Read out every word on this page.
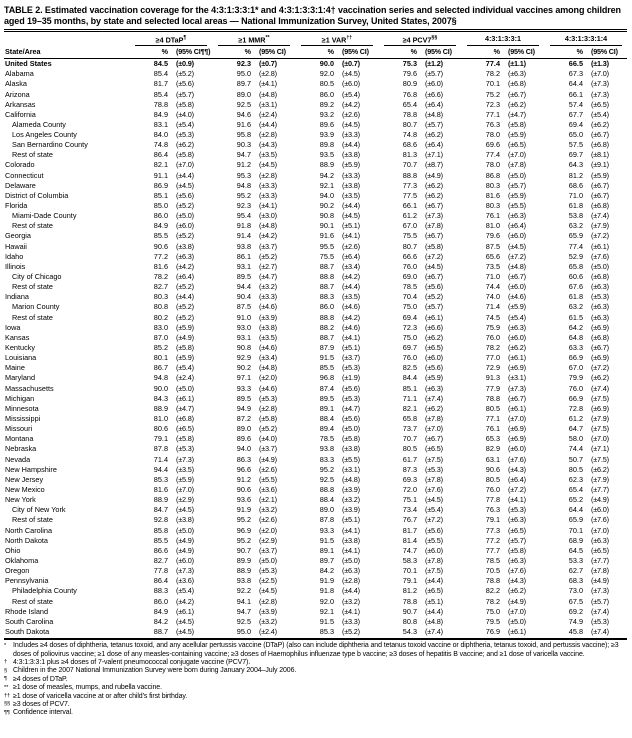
TABLE 2. Estimated vaccination coverage for the 4:3:1:3:3:1* and 4:3:1:3:3:1:4† vaccination series and selected individual vaccines among children aged 19–35 months, by state and selected local areas — National Immunization Survey, United States, 2007§
≥4 DTaP¶	≥1 MMR**	≥1 VAR††	≥4 PCV7§§	4:3:1:3:3:1	4:3:1:3:3:1:4
State/Area	%	(95% CI¶¶)	%	(95% CI)	%	(95% CI)	%	(95% CI)	%	(95% CI)	%	(95% CI)
United States	84.5	(±0.9)	92.3	(±0.7)	90.0	(±0.7)	75.3	(±1.2)	77.4	(±1.1)	66.5	(±1.3)
Alabama	85.4	(±5.2)	95.0	(±2.8)	92.0	(±4.5)	79.6	(±5.7)	78.2	(±6.3)	67.3	(±7.0)
Alaska	81.7	(±5.6)	89.7	(±4.1)	80.5	(±6.0)	80.9	(±6.0)	70.1	(±6.8)	64.4	(±7.3)
Arizona	85.4	(±5.7)	89.0	(±4.8)	86.0	(±5.4)	76.8	(±6.6)	75.2	(±6.7)	66.1	(±7.3)
Arkansas	78.8	(±5.8)	92.5	(±3.1)	89.2	(±4.2)	65.4	(±6.4)	72.3	(±6.2)	57.4	(±6.5)
California	84.9	(±4.0)	94.6	(±2.4)	93.2	(±2.6)	78.8	(±4.8)	77.1	(±4.7)	67.7	(±5.4)
Alameda County	83.1	(±5.4)	91.6	(±4.4)	89.6	(±4.5)	80.7	(±5.7)	76.3	(±5.8)	69.4	(±6.2)
Los Angeles County	84.0	(±5.3)	95.8	(±2.8)	93.9	(±3.3)	74.8	(±6.2)	78.0	(±5.9)	65.0	(±6.7)
San Bernardino County	74.8	(±6.2)	90.3	(±4.3)	89.8	(±4.4)	68.6	(±6.4)	69.6	(±6.5)	57.5	(±6.8)
Rest of state	86.4	(±5.8)	94.7	(±3.5)	93.5	(±3.8)	81.3	(±7.1)	77.4	(±7.0)	69.7	(±8.1)
Colorado	82.1	(±7.0)	91.2	(±4.5)	88.9	(±5.9)	70.7	(±8.7)	78.0	(±7.8)	64.3	(±9.1)
Connecticut	91.1	(±4.4)	95.3	(±2.8)	94.2	(±3.3)	88.8	(±4.9)	86.8	(±5.0)	81.2	(±5.9)
Delaware	86.9	(±4.5)	94.8	(±3.3)	92.1	(±3.8)	77.3	(±6.2)	80.3	(±5.7)	68.6	(±6.7)
District of Columbia	85.1	(±5.6)	95.2	(±3.3)	94.0	(±3.5)	77.5	(±6.2)	81.6	(±5.9)	71.0	(±6.7)
Florida	85.0	(±5.2)	92.3	(±4.1)	90.2	(±4.4)	66.1	(±6.7)	80.3	(±5.5)	61.8	(±6.8)
Miami-Dade County	86.0	(±5.0)	95.4	(±3.0)	90.8	(±4.5)	61.2	(±7.3)	76.1	(±6.3)	53.8	(±7.4)
Rest of state	84.9	(±6.0)	91.8	(±4.8)	90.1	(±5.1)	67.0	(±7.8)	81.0	(±6.4)	63.2	(±7.9)
Georgia	85.5	(±5.2)	91.4	(±4.2)	91.6	(±4.1)	75.5	(±6.7)	79.6	(±6.0)	65.9	(±7.2)
Hawaii	90.6	(±3.8)	93.8	(±3.7)	95.5	(±2.6)	80.7	(±5.8)	87.5	(±4.5)	77.4	(±6.1)
Idaho	77.2	(±6.3)	86.1	(±5.2)	75.5	(±6.4)	66.6	(±7.2)	65.6	(±7.2)	52.9	(±7.6)
Illinois	81.6	(±4.2)	93.1	(±2.7)	88.7	(±3.4)	76.0	(±4.5)	73.5	(±4.8)	65.8	(±5.0)
City of Chicago	78.2	(±6.4)	89.5	(±4.7)	88.8	(±4.2)	69.0	(±6.7)	71.0	(±6.7)	60.6	(±6.8)
Rest of state	82.7	(±5.2)	94.4	(±3.2)	88.7	(±4.4)	78.5	(±5.6)	74.4	(±6.0)	67.6	(±6.3)
Indiana	80.3	(±4.4)	90.4	(±3.3)	88.3	(±3.5)	70.4	(±5.2)	74.0	(±4.6)	61.8	(±5.3)
Marion County	80.8	(±5.2)	87.5	(±4.6)	86.0	(±4.6)	75.0	(±5.7)	71.4	(±5.9)	63.2	(±6.3)
Rest of state	80.2	(±5.2)	91.0	(±3.9)	88.8	(±4.2)	69.4	(±6.1)	74.5	(±5.4)	61.5	(±6.3)
Iowa	83.0	(±5.9)	93.0	(±3.8)	88.2	(±4.6)	72.3	(±6.6)	75.9	(±6.3)	64.2	(±6.9)
Kansas	87.0	(±4.9)	93.1	(±3.5)	88.7	(±4.1)	75.0	(±6.2)	76.0	(±6.0)	64.8	(±6.8)
Kentucky	85.2	(±5.8)	90.8	(±4.6)	87.9	(±5.1)	69.7	(±6.5)	78.2	(±6.2)	63.3	(±6.7)
Louisiana	80.1	(±5.9)	92.9	(±3.4)	91.5	(±3.7)	76.0	(±6.0)	77.0	(±6.1)	66.9	(±6.9)
Maine	86.7	(±5.4)	90.2	(±4.8)	85.5	(±5.3)	82.5	(±5.6)	72.9	(±6.9)	67.0	(±7.2)
Maryland	94.8	(±2.4)	97.1	(±2.0)	96.8	(±1.9)	84.4	(±5.9)	91.3	(±3.1)	79.9	(±6.2)
Massachusetts	90.0	(±5.0)	93.3	(±4.6)	87.4	(±5.6)	85.1	(±6.3)	77.9	(±7.3)	76.0	(±7.4)
Michigan	84.3	(±6.1)	89.5	(±5.3)	89.5	(±5.3)	71.1	(±7.4)	78.8	(±6.7)	66.9	(±7.5)
Minnesota	88.9	(±4.7)	94.9	(±2.8)	89.1	(±4.7)	82.1	(±6.2)	80.5	(±6.1)	72.8	(±6.9)
Mississippi	81.0	(±6.8)	87.2	(±5.8)	88.4	(±5.6)	65.8	(±7.8)	77.1	(±7.0)	61.2	(±7.9)
Missouri	80.6	(±6.5)	89.0	(±5.2)	89.4	(±5.0)	73.7	(±7.0)	76.1	(±6.9)	64.7	(±7.5)
Montana	79.1	(±5.8)	89.6	(±4.0)	78.5	(±5.8)	70.7	(±6.7)	65.3	(±6.9)	58.0	(±7.0)
Nebraska	87.8	(±5.3)	94.0	(±3.7)	93.8	(±3.8)	80.5	(±6.5)	82.9	(±6.0)	74.4	(±7.1)
Nevada	71.4	(±7.3)	86.3	(±4.9)	83.3	(±5.5)	61.7	(±7.5)	63.1	(±7.6)	50.7	(±7.5)
New Hampshire	94.4	(±3.5)	96.6	(±2.6)	95.2	(±3.1)	87.3	(±5.3)	90.6	(±4.3)	80.5	(±6.2)
New Jersey	85.3	(±5.9)	91.2	(±5.5)	92.5	(±4.8)	69.3	(±7.8)	80.5	(±6.4)	62.3	(±7.9)
New Mexico	81.6	(±7.0)	90.6	(±3.6)	88.8	(±3.9)	72.0	(±7.6)	76.0	(±7.2)	65.4	(±7.7)
New York	88.9	(±2.9)	93.6	(±2.1)	88.4	(±3.2)	75.1	(±4.5)	77.8	(±4.1)	65.2	(±4.9)
City of New York	84.7	(±4.5)	91.9	(±3.2)	89.0	(±3.9)	73.4	(±5.4)	76.3	(±5.3)	64.4	(±6.0)
Rest of state	92.8	(±3.8)	95.2	(±2.6)	87.8	(±5.1)	76.7	(±7.2)	79.1	(±6.3)	65.9	(±7.6)
North Carolina	85.8	(±5.0)	96.9	(±2.0)	93.3	(±4.1)	81.7	(±5.6)	77.3	(±6.5)	70.1	(±7.0)
North Dakota	85.5	(±4.9)	95.2	(±2.9)	91.5	(±3.8)	81.4	(±5.5)	77.2	(±5.7)	68.9	(±6.3)
Ohio	86.6	(±4.9)	90.7	(±3.7)	89.1	(±4.1)	74.7	(±6.0)	77.7	(±5.8)	64.5	(±6.5)
Oklahoma	82.7	(±6.0)	89.9	(±5.0)	89.7	(±5.0)	58.3	(±7.8)	78.5	(±6.3)	53.3	(±7.7)
Oregon	77.8	(±7.3)	88.9	(±5.3)	84.2	(±6.3)	70.1	(±7.5)	70.5	(±7.6)	62.7	(±7.8)
Pennsylvania	86.4	(±3.6)	93.8	(±2.5)	91.9	(±2.8)	79.1	(±4.4)	78.8	(±4.3)	68.3	(±4.9)
Philadelphia County	88.3	(±5.4)	92.2	(±4.5)	91.8	(±4.4)	81.2	(±6.5)	82.2	(±6.2)	73.0	(±7.3)
Rest of state	86.0	(±4.2)	94.1	(±2.8)	92.0	(±3.2)	78.8	(±5.1)	78.2	(±4.9)	67.5	(±5.7)
Rhode Island	84.9	(±6.1)	94.7	(±3.9)	92.1	(±4.1)	90.7	(±4.4)	75.0	(±7.0)	69.2	(±7.4)
South Carolina	84.2	(±4.5)	92.5	(±3.2)	91.5	(±3.3)	80.8	(±4.8)	79.5	(±5.0)	74.9	(±5.3)
South Dakota	88.7	(±4.5)	95.0	(±2.4)	85.3	(±5.2)	54.3	(±7.4)	76.9	(±6.1)	45.8	(±7.4)
* Includes ≥4 doses of diphtheria, tetanus toxoid, and any acellular pertussis vaccine (DTaP) (also can include diphtheria and tetanus toxoid vaccine or diphtheria, tetanus toxoid, and pertussis vaccine); ≥3 doses of poliovirus vaccine; ≥1 dose of any measles-containing vaccine; ≥3 doses of Haemophilus influenzae type b vaccine; ≥3 doses of hepatitis B vaccine; and ≥1 dose of varicella vaccine.
† 4:3:1:3:3:1 plus ≥4 doses of 7-valent pneumococcal conjugate vaccine (PCV7).
§ Children in the 2007 National Immunization Survey were born during January 2004–July 2006.
¶ ≥4 doses of DTaP.
** ≥1 dose of measles, mumps, and rubella vaccine.
†† ≥1 dose of varicella vaccine at or after child's first birthday.
§§ ≥3 doses of PCV7.
¶¶ Confidence interval.
